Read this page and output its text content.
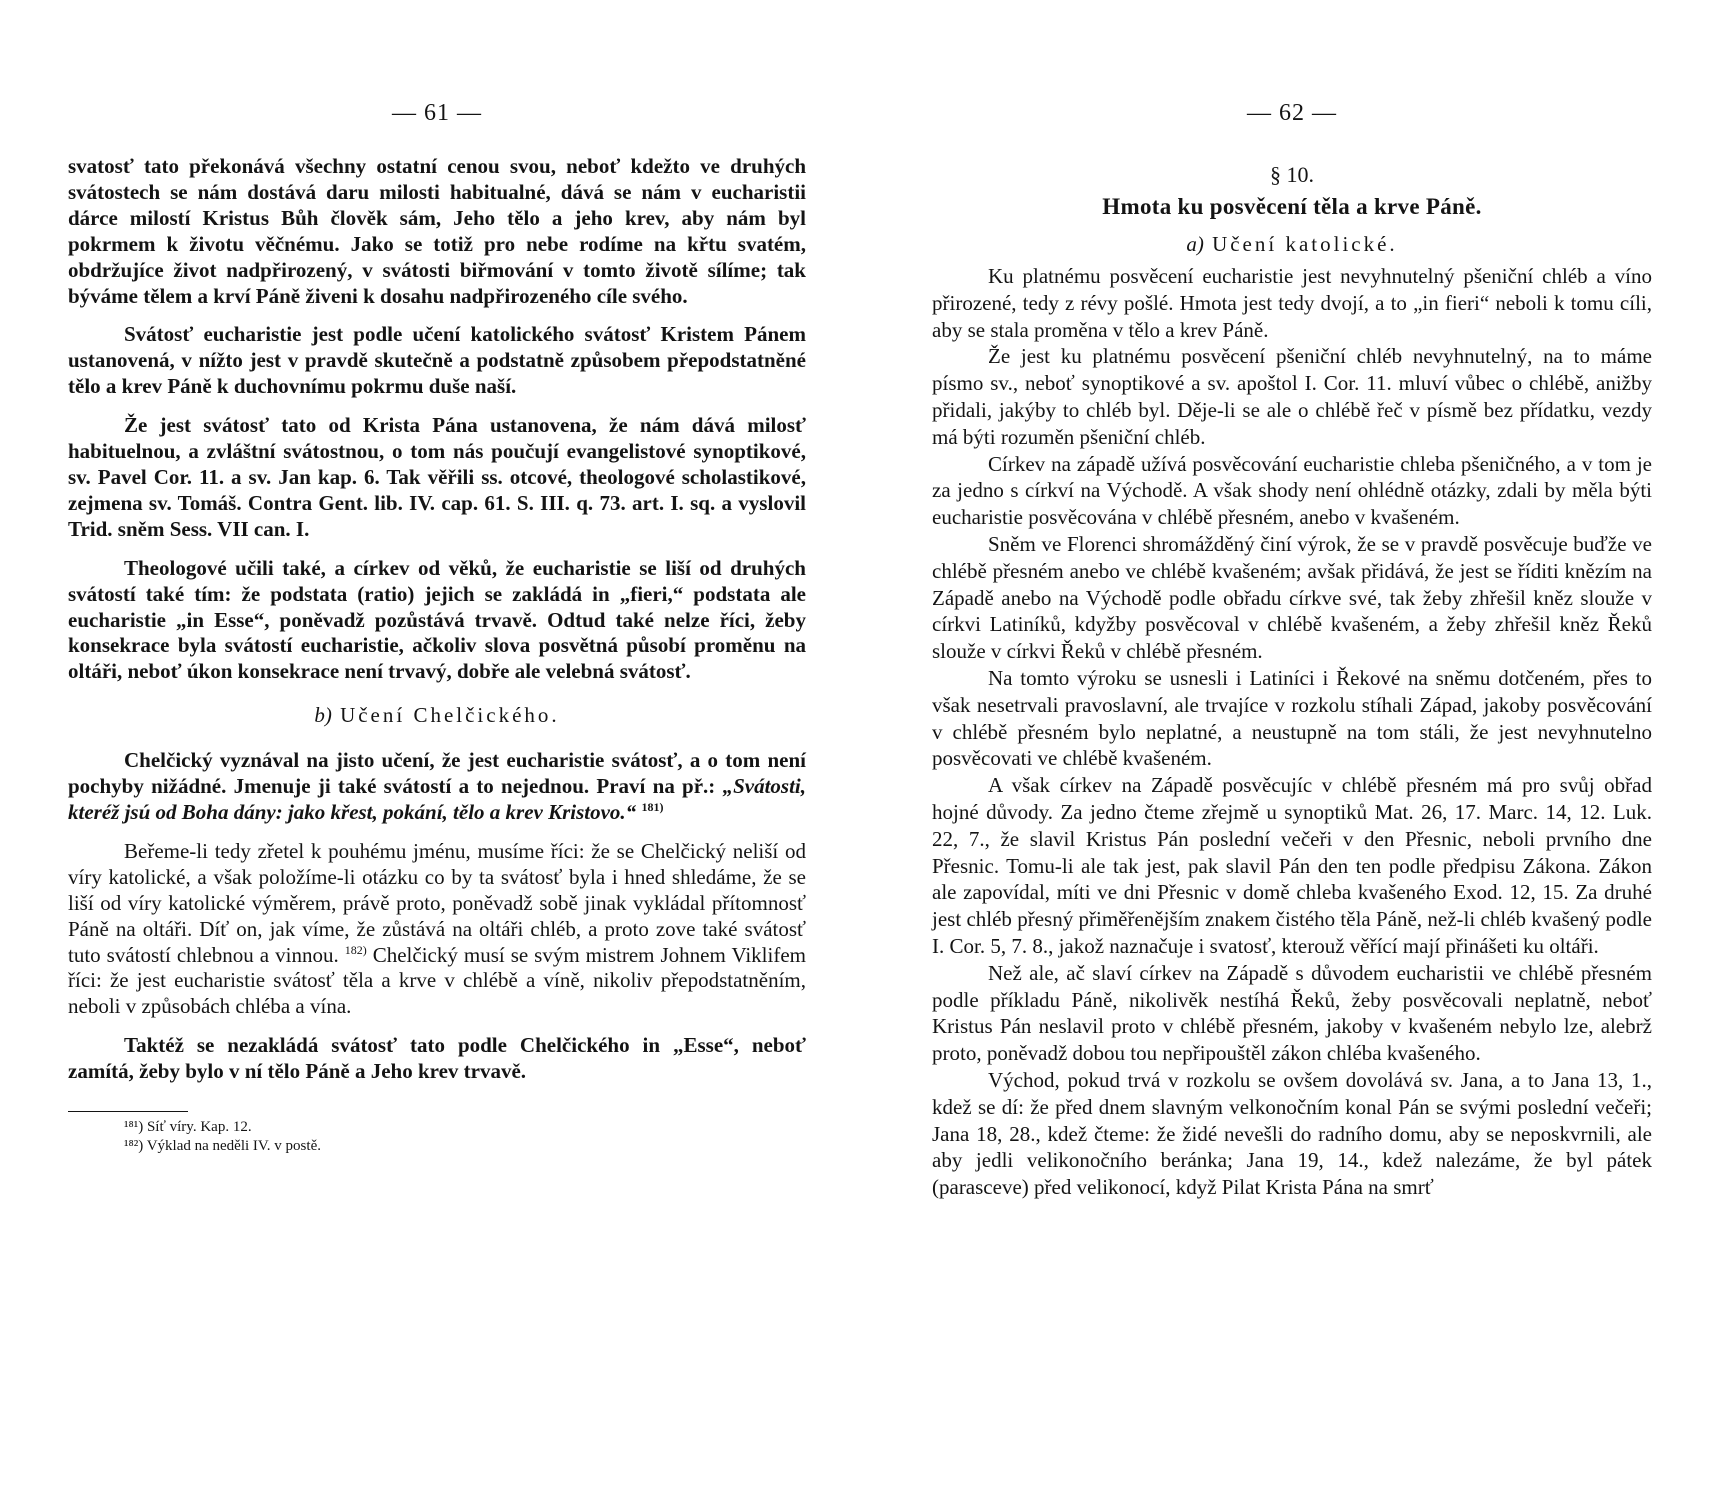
— 61 —

svatosť tato překonává všechny ostatní cenou svou, neboť kdežto ve druhých svátostech se nám dostává daru milosti habitualné, dává se nám v eucharistii dárce milostí Kristus Bůh člověk sám, Jeho tělo a jeho krev, aby nám byl pokrmem k životu věčnému. Jako se totiž pro nebe rodíme na křtu svatém, obdržujíce život nadpřirozený, v svátosti biřmování v tomto životě sílíme; tak býváme tělem a krví Páně živeni k dosahu nadpřirozeného cíle svého.

Svátosť eucharistie jest podle učení katolického svátosť Kristem Pánem ustanovená, v nížto jest v pravdě skutečně a podstatně způsobem přepodstatněné tělo a krev Páně k duchovnímu pokrmu duše naší.

Že jest svátosť tato od Krista Pána ustanovena, že nám dává milosť habituelnou, a zvláštní svátostnou, o tom nás poučují evangelistové synoptikové, sv. Pavel Cor. 11. a sv. Jan kap. 6. Tak věřili ss. otcové, theologové scholastikové, zejmena sv. Tomáš. Contra Gent. lib. IV. cap. 61. S. III. q. 73. art. I. sq. a vyslovil Trid. sněm Sess. VII can. I.

Theologové učili také, a církev od věků, že eucharistie se liší od druhých svátostí také tím: že podstata (ratio) jejich se zakládá in „fieri,“ podstata ale eucharistie „in Esse“, poněvadž pozůstává trvavě. Odtud také nelze říci, žeby konsekrace byla svátostí eucharistie, ačkoliv slova posvětná působí proměnu na oltáři, neboť úkon konsekrace není trvavý, dobře ale velebná svátosť.

b) Učení Chelčického.

Chelčický vyznával na jisto učení, že jest eucharistie svátosť, a o tom není pochyby nižádné. Jmenuje ji také svátostí a to nejednou. Praví na př.: „Svátosti, kteréž jsú od Boha dány: jako křest, pokání, tělo a krev Kristovo.“ $^{181)}$

Beřeme-li tedy zřetel k pouhému jménu, musíme říci: že se Chelčický neliší od víry katolické, a však položíme-li otázku co by ta svátosť byla i hned shledáme, že se liší od víry katolické výměrem, právě proto, poněvadž sobě jinak vykládal přítomnosť Páně na oltáři. Díť on, jak víme, že zůstává na oltáři chléb, a proto zove také svátosť tuto svátostí chlebnou a vinnou. $^{182)}$ Chelčický musí se svým mistrem Johnem Viklifem říci: že jest eucharistie svátosť těla a krve v chlébě a víně, nikoliv přepodstatněním, neboli v způsobách chléba a vína.

Taktéž se nezakládá svátosť tato podle Chelčického in „Esse“, neboť zamítá, žeby bylo v ní tělo Páně a Jeho krev trvavě.

¹⁸¹) Síť víry. Kap. 12.
¹⁸²) Výklad na neděli IV. v postě.
— 62 —
§ 10.
Hmota ku posvěcení těla a krve Páně.
a) Učení katolické.

Ku platnému posvěcení eucharistie jest nevyhnutelný pšeniční chléb a víno přirozené, tedy z révy pošlé. Hmota jest tedy dvojí, a to „in fieri“ neboli k tomu cíli, aby se stala proměna v tělo a krev Páně.

Že jest ku platnému posvěcení pšeniční chléb nevyhnutelný, na to máme písmo sv., neboť synoptikové a sv. apoštol I. Cor. 11. mluví vůbec o chlébě, anižby přidali, jakýby to chléb byl. Děje-li se ale o chlébě řeč v písmě bez přídatku, vezdy má býti rozuměn pšeniční chléb.

Církev na západě užívá posvěcování eucharistie chleba pšeničného, a v tom je za jedno s církví na Východě. A však shody není ohlédně otázky, zdali by měla býti eucharistie posvěcována v chlébě přesném, anebo v kvašeném.

Sněm ve Florenci shromážděný činí výrok, že se v pravdě posvěcuje buďže ve chlébě přesném anebo ve chlébě kvašeném; avšak přidává, že jest se říditi knězím na Západě anebo na Východě podle obřadu církve své, tak žeby zhřešil kněz slouže v církvi Latiníků, kdyžby posvěcoval v chlébě kvašeném, a žeby zhřešil kněz Řeků slouže v církvi Řeků v chlébě přesném.

Na tomto výroku se usnesli i Latiníci i Řekové na sněmu dotčeném, přes to však nesetrvali pravoslavní, ale trvajíce v rozkolu stíhali Západ, jakoby posvěcování v chlébě přesném bylo neplatné, a neustupně na tom stáli, že jest nevyhnutelno posvěcovati ve chlébě kvašeném.

A však církev na Západě posvěcujíc v chlébě přesném má pro svůj obřad hojné důvody. Za jedno čteme zřejmě u synoptiků Mat. 26, 17. Marc. 14, 12. Luk. 22, 7., že slavil Kristus Pán poslední večeři v den Přesnic, neboli prvního dne Přesnic. Tomu-li ale tak jest, pak slavil Pán den ten podle předpisu Zákona. Zákon ale zapovídal, míti ve dni Přesnic v domě chleba kvašeného Exod. 12, 15. Za druhé jest chléb přesný přiměřenějším znakem čistého těla Páně, než-li chléb kvašený podle I. Cor. 5, 7. 8., jakož naznačuje i svatosť, kterouž věřící mají přinášeti ku oltáři.

Než ale, ač slaví církev na Západě s důvodem eucharistii ve chlébě přesném podle příkladu Páně, nikolivěk nestíhá Řeků, žeby posvěcovali neplatně, neboť Kristus Pán neslavil proto v chlébě přesném, jakoby v kvašeném nebylo lze, alebrž proto, poněvadž dobou tou nepřipouštěl zákon chléba kvašeného.

Východ, pokud trvá v rozkolu se ovšem dovolává sv. Jana, a to Jana 13, 1., kdež se dí: že před dnem slavným velkonočním konal Pán se svými poslední večeři; Jana 18, 28., kdež čteme: že židé nevešli do radního domu, aby se neposkvrnili, ale aby jedli velikonočního beránka; Jana 19, 14., kdež nalezáme, že byl pátek (parasceve) před velikonocí, když Pilat Krista Pána na smrť
